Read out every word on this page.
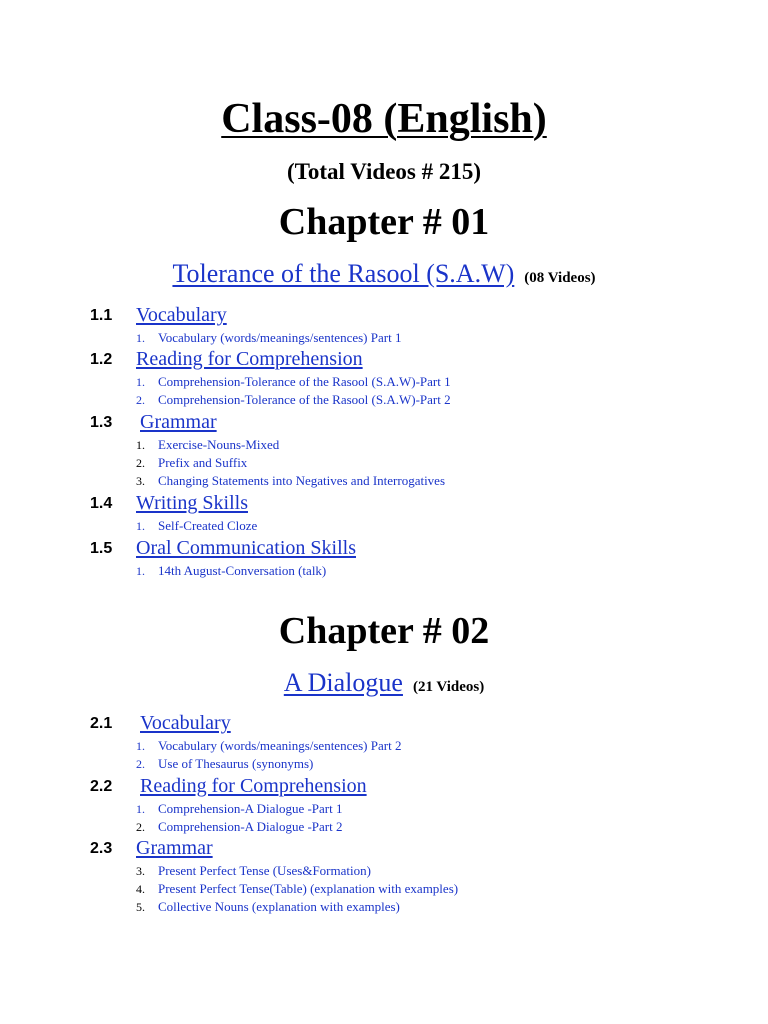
Class-08 (English)
(Total Videos # 215)
Chapter # 01
Tolerance of the Rasool (S.A.W) (08 Videos)
1.1 Vocabulary
1. Vocabulary (words/meanings/sentences) Part 1
1.2 Reading for Comprehension
1. Comprehension-Tolerance of the Rasool (S.A.W)-Part 1
2. Comprehension-Tolerance of the Rasool (S.A.W)-Part 2
1.3 Grammar
1. Exercise-Nouns-Mixed
2. Prefix and Suffix
3. Changing Statements into Negatives and Interrogatives
1.4 Writing Skills
1. Self-Created Cloze
1.5 Oral Communication Skills
1. 14th August-Conversation (talk)
Chapter # 02
A Dialogue (21 Videos)
2.1 Vocabulary
1. Vocabulary (words/meanings/sentences) Part 2
2. Use of Thesaurus (synonyms)
2.2 Reading for Comprehension
1. Comprehension-A Dialogue -Part 1
2. Comprehension-A Dialogue -Part 2
2.3 Grammar
3. Present Perfect Tense (Uses&Formation)
4. Present Perfect Tense(Table) (explanation with examples)
5. Collective Nouns (explanation with examples)
